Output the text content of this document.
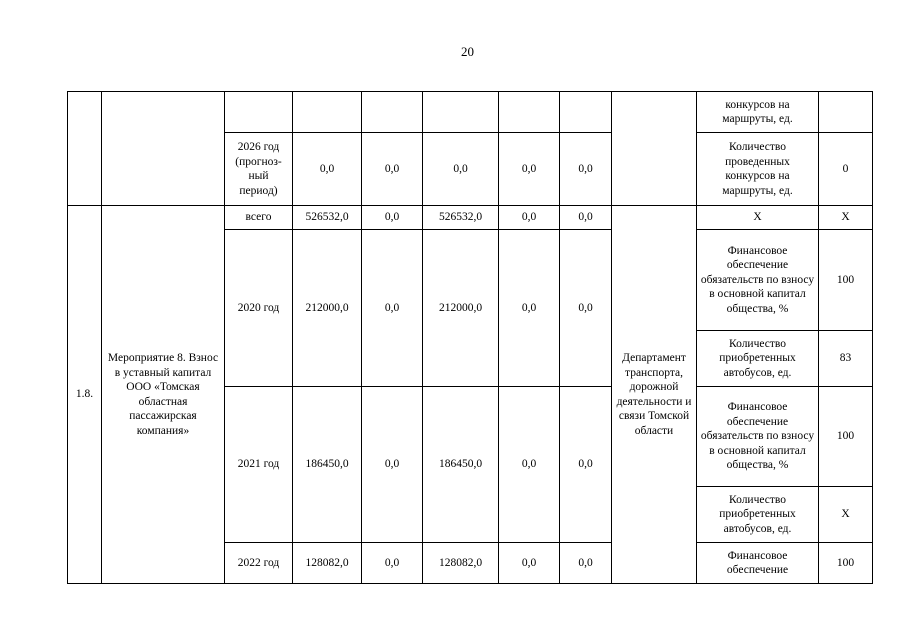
20
									конкурсов на маршруты, ед.	
		2026 год (прогноз-ный период)	0,0	0,0	0,0	0,0	0,0		Количество проведенных конкурсов на маршруты, ед.	0
1.8.	Мероприятие 8. Взнос в уставный капитал ООО «Томская областная пассажирская компания»	всего	526532,0	0,0	526532,0	0,0	0,0	Департамент транспорта, дорожной деятельности и связи Томской области	Х	Х
		2020 год	212000,0	0,0	212000,0	0,0	0,0		Финансовое обеспечение обязательств по взносу в основной капитал общества, %	100
									Количество приобретенных автобусов, ед.	83
		2021 год	186450,0	0,0	186450,0	0,0	0,0		Финансовое обеспечение обязательств по взносу в основной капитал общества, %	100
									Количество приобретенных автобусов, ед.	Х
		2022 год	128082,0	0,0	128082,0	0,0	0,0		Финансовое обеспечение	100
